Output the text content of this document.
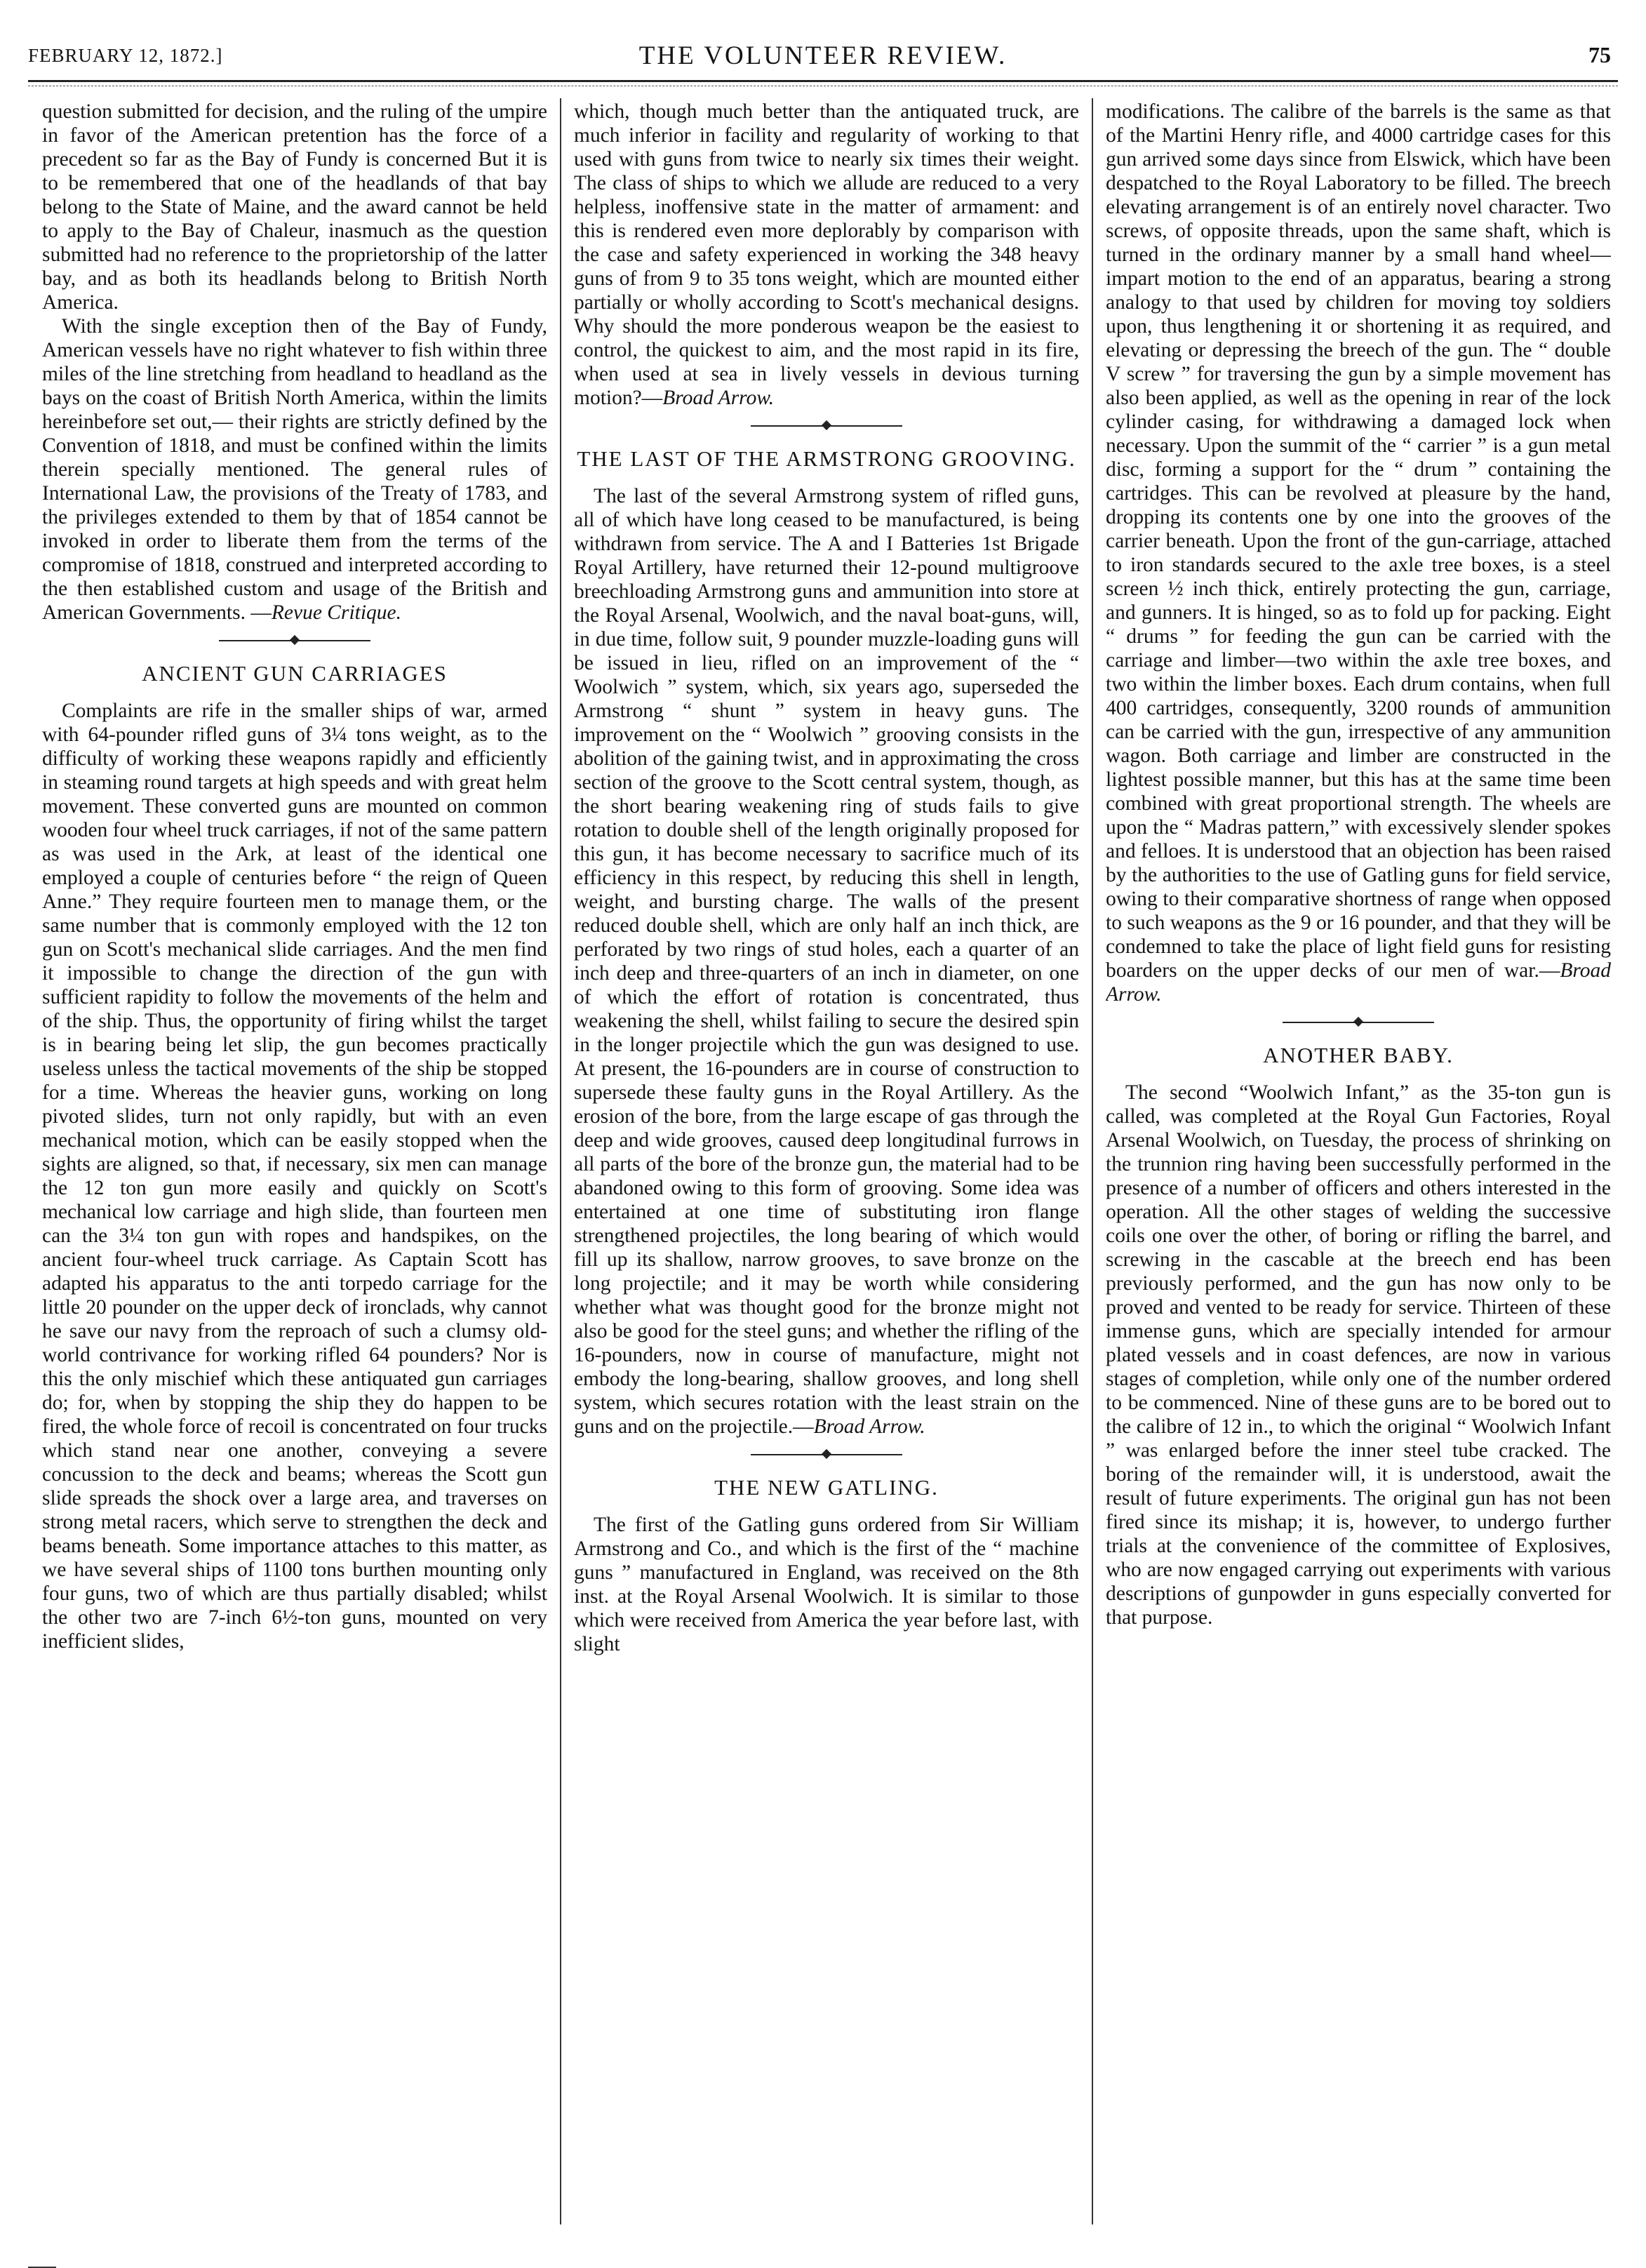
FEBRUARY 12, 1872.]	THE VOLUNTEER REVIEW.	75

question submitted for decision, and the ruling of the umpire in favor of the American pretention has the force of a precedent so far as the Bay of Fundy is concerned But it is to be remembered that one of the headlands of that bay belong to the State of Maine, and the award cannot be held to apply to the Bay of Chaleur, inasmuch as the question submitted had no reference to the proprietorship of the latter bay, and as both its headlands belong to British North America.

With the single exception then of the Bay of Fundy, American vessels have no right whatever to fish within three miles of the line stretching from headland to headland as the bays on the coast of British North America, within the limits hereinbefore set out,— their rights are strictly defined by the Convention of 1818, and must be confined within the limits therein specially mentioned. The general rules of International Law, the provisions of the Treaty of 1783, and the privileges extended to them by that of 1854 cannot be invoked in order to liberate them from the terms of the compromise of 1818, construed and interpreted according to the then established custom and usage of the British and American Governments. —Revue Critique.

ANCIENT GUN CARRIAGES

Complaints are rife in the smaller ships of war, armed with 64-pounder rifled guns of 3¼ tons weight, as to the difficulty of working these weapons rapidly and efficiently in steaming round targets at high speeds and with great helm movement. These converted guns are mounted on common wooden four wheel truck carriages, if not of the same pattern as was used in the Ark, at least of the identical one employed a couple of centuries before “ the reign of Queen Anne.” They require fourteen men to manage them, or the same number that is commonly employed with the 12 ton gun on Scott's mechanical slide carriages. And the men find it impossible to change the direction of the gun with sufficient rapidity to follow the movements of the helm and of the ship. Thus, the opportunity of firing whilst the target is in bearing being let slip, the gun becomes practically useless unless the tactical movements of the ship be stopped for a time. Whereas the heavier guns, working on long pivoted slides, turn not only rapidly, but with an even mechanical motion, which can be easily stopped when the sights are aligned, so that, if necessary, six men can manage the 12 ton gun more easily and quickly on Scott's mechanical low carriage and high slide, than fourteen men can the 3¼ ton gun with ropes and handspikes, on the ancient four-wheel truck carriage. As Captain Scott has adapted his apparatus to the anti torpedo carriage for the little 20 pounder on the upper deck of ironclads, why cannot he save our navy from the reproach of such a clumsy old-world contrivance for working rifled 64 pounders? Nor is this the only mischief which these antiquated gun carriages do; for, when by stopping the ship they do happen to be fired, the whole force of recoil is concentrated on four trucks which stand near one another, conveying a severe concussion to the deck and beams; whereas the Scott gun slide spreads the shock over a large area, and traverses on strong metal racers, which serve to strengthen the deck and beams beneath. Some importance attaches to this matter, as we have several ships of 1100 tons burthen mounting only four guns, two of which are thus partially disabled; whilst the other two are 7-inch 6½-ton guns, mounted on very inefficient slides,

which, though much better than the antiquated truck, are much inferior in facility and regularity of working to that used with guns from twice to nearly six times their weight. The class of ships to which we allude are reduced to a very helpless, inoffensive state in the matter of armament: and this is rendered even more deplorably by comparison with the case and safety experienced in working the 348 heavy guns of from 9 to 35 tons weight, which are mounted either partially or wholly according to Scott's mechanical designs. Why should the more ponderous weapon be the easiest to control, the quickest to aim, and the most rapid in its fire, when used at sea in lively vessels in devious turning motion?—Broad Arrow.

THE LAST OF THE ARMSTRONG GROOVING.

The last of the several Armstrong system of rifled guns, all of which have long ceased to be manufactured, is being withdrawn from service. The A and I Batteries 1st Brigade Royal Artillery, have returned their 12-pound multigroove breechloading Armstrong guns and ammunition into store at the Royal Arsenal, Woolwich, and the naval boat-guns, will, in due time, follow suit, 9 pounder muzzle-loading guns will be issued in lieu, rifled on an improvement of the “ Woolwich ” system, which, six years ago, superseded the Armstrong “ shunt ” system in heavy guns. The improvement on the “ Woolwich ” grooving consists in the abolition of the gaining twist, and in approximating the cross section of the groove to the Scott central system, though, as the short bearing weakening ring of studs fails to give rotation to double shell of the length originally proposed for this gun, it has become necessary to sacrifice much of its efficiency in this respect, by reducing this shell in length, weight, and bursting charge. The walls of the present reduced double shell, which are only half an inch thick, are perforated by two rings of stud holes, each a quarter of an inch deep and three-quarters of an inch in diameter, on one of which the effort of rotation is concentrated, thus weakening the shell, whilst failing to secure the desired spin in the longer projectile which the gun was designed to use. At present, the 16-pounders are in course of construction to supersede these faulty guns in the Royal Artillery. As the erosion of the bore, from the large escape of gas through the deep and wide grooves, caused deep longitudinal furrows in all parts of the bore of the bronze gun, the material had to be abandoned owing to this form of grooving. Some idea was entertained at one time of substituting iron flange strengthened projectiles, the long bearing of which would fill up its shallow, narrow grooves, to save bronze on the long projectile; and it may be worth while considering whether what was thought good for the bronze might not also be good for the steel guns; and whether the rifling of the 16-pounders, now in course of manufacture, might not embody the long-bearing, shallow grooves, and long shell system, which secures rotation with the least strain on the guns and on the projectile.—Broad Arrow.

THE NEW GATLING.

The first of the Gatling guns ordered from Sir William Armstrong and Co., and which is the first of the “ machine guns ” manufactured in England, was received on the 8th inst. at the Royal Arsenal Woolwich. It is similar to those which were received from America the year before last, with slight

modifications. The calibre of the barrels is the same as that of the Martini Henry rifle, and 4000 cartridge cases for this gun arrived some days since from Elswick, which have been despatched to the Royal Laboratory to be filled. The breech elevating arrangement is of an entirely novel character. Two screws, of opposite threads, upon the same shaft, which is turned in the ordinary manner by a small hand wheel—impart motion to the end of an apparatus, bearing a strong analogy to that used by children for moving toy soldiers upon, thus lengthening it or shortening it as required, and elevating or depressing the breech of the gun. The “ double V screw ” for traversing the gun by a simple movement has also been applied, as well as the opening in rear of the lock cylinder casing, for withdrawing a damaged lock when necessary. Upon the summit of the “ carrier ” is a gun metal disc, forming a support for the “ drum ” containing the cartridges. This can be revolved at pleasure by the hand, dropping its contents one by one into the grooves of the carrier beneath. Upon the front of the gun-carriage, attached to iron standards secured to the axle tree boxes, is a steel screen ½ inch thick, entirely protecting the gun, carriage, and gunners. It is hinged, so as to fold up for packing. Eight “ drums ” for feeding the gun can be carried with the carriage and limber—two within the axle tree boxes, and two within the limber boxes. Each drum contains, when full 400 cartridges, consequently, 3200 rounds of ammunition can be carried with the gun, irrespective of any ammunition wagon. Both carriage and limber are constructed in the lightest possible manner, but this has at the same time been combined with great proportional strength. The wheels are upon the “ Madras pattern,” with excessively slender spokes and felloes. It is understood that an objection has been raised by the authorities to the use of Gatling guns for field service, owing to their comparative shortness of range when opposed to such weapons as the 9 or 16 pounder, and that they will be condemned to take the place of light field guns for resisting boarders on the upper decks of our men of war.—Broad Arrow.

ANOTHER BABY.

The second “Woolwich Infant,” as the 35-ton gun is called, was completed at the Royal Gun Factories, Royal Arsenal Woolwich, on Tuesday, the process of shrinking on the trunnion ring having been successfully performed in the presence of a number of officers and others interested in the operation. All the other stages of welding the successive coils one over the other, of boring or rifling the barrel, and screwing in the cascable at the breech end has been previously performed, and the gun has now only to be proved and vented to be ready for service. Thirteen of these immense guns, which are specially intended for armour plated vessels and in coast defences, are now in various stages of completion, while only one of the number ordered to be commenced. Nine of these guns are to be bored out to the calibre of 12 in., to which the original “ Woolwich Infant ” was enlarged before the inner steel tube cracked. The boring of the remainder will, it is understood, await the result of future experiments. The original gun has not been fired since its mishap; it is, however, to undergo further trials at the convenience of the committee of Explosives, who are now engaged carrying out experiments with various descriptions of gunpowder in guns especially converted for that purpose.
